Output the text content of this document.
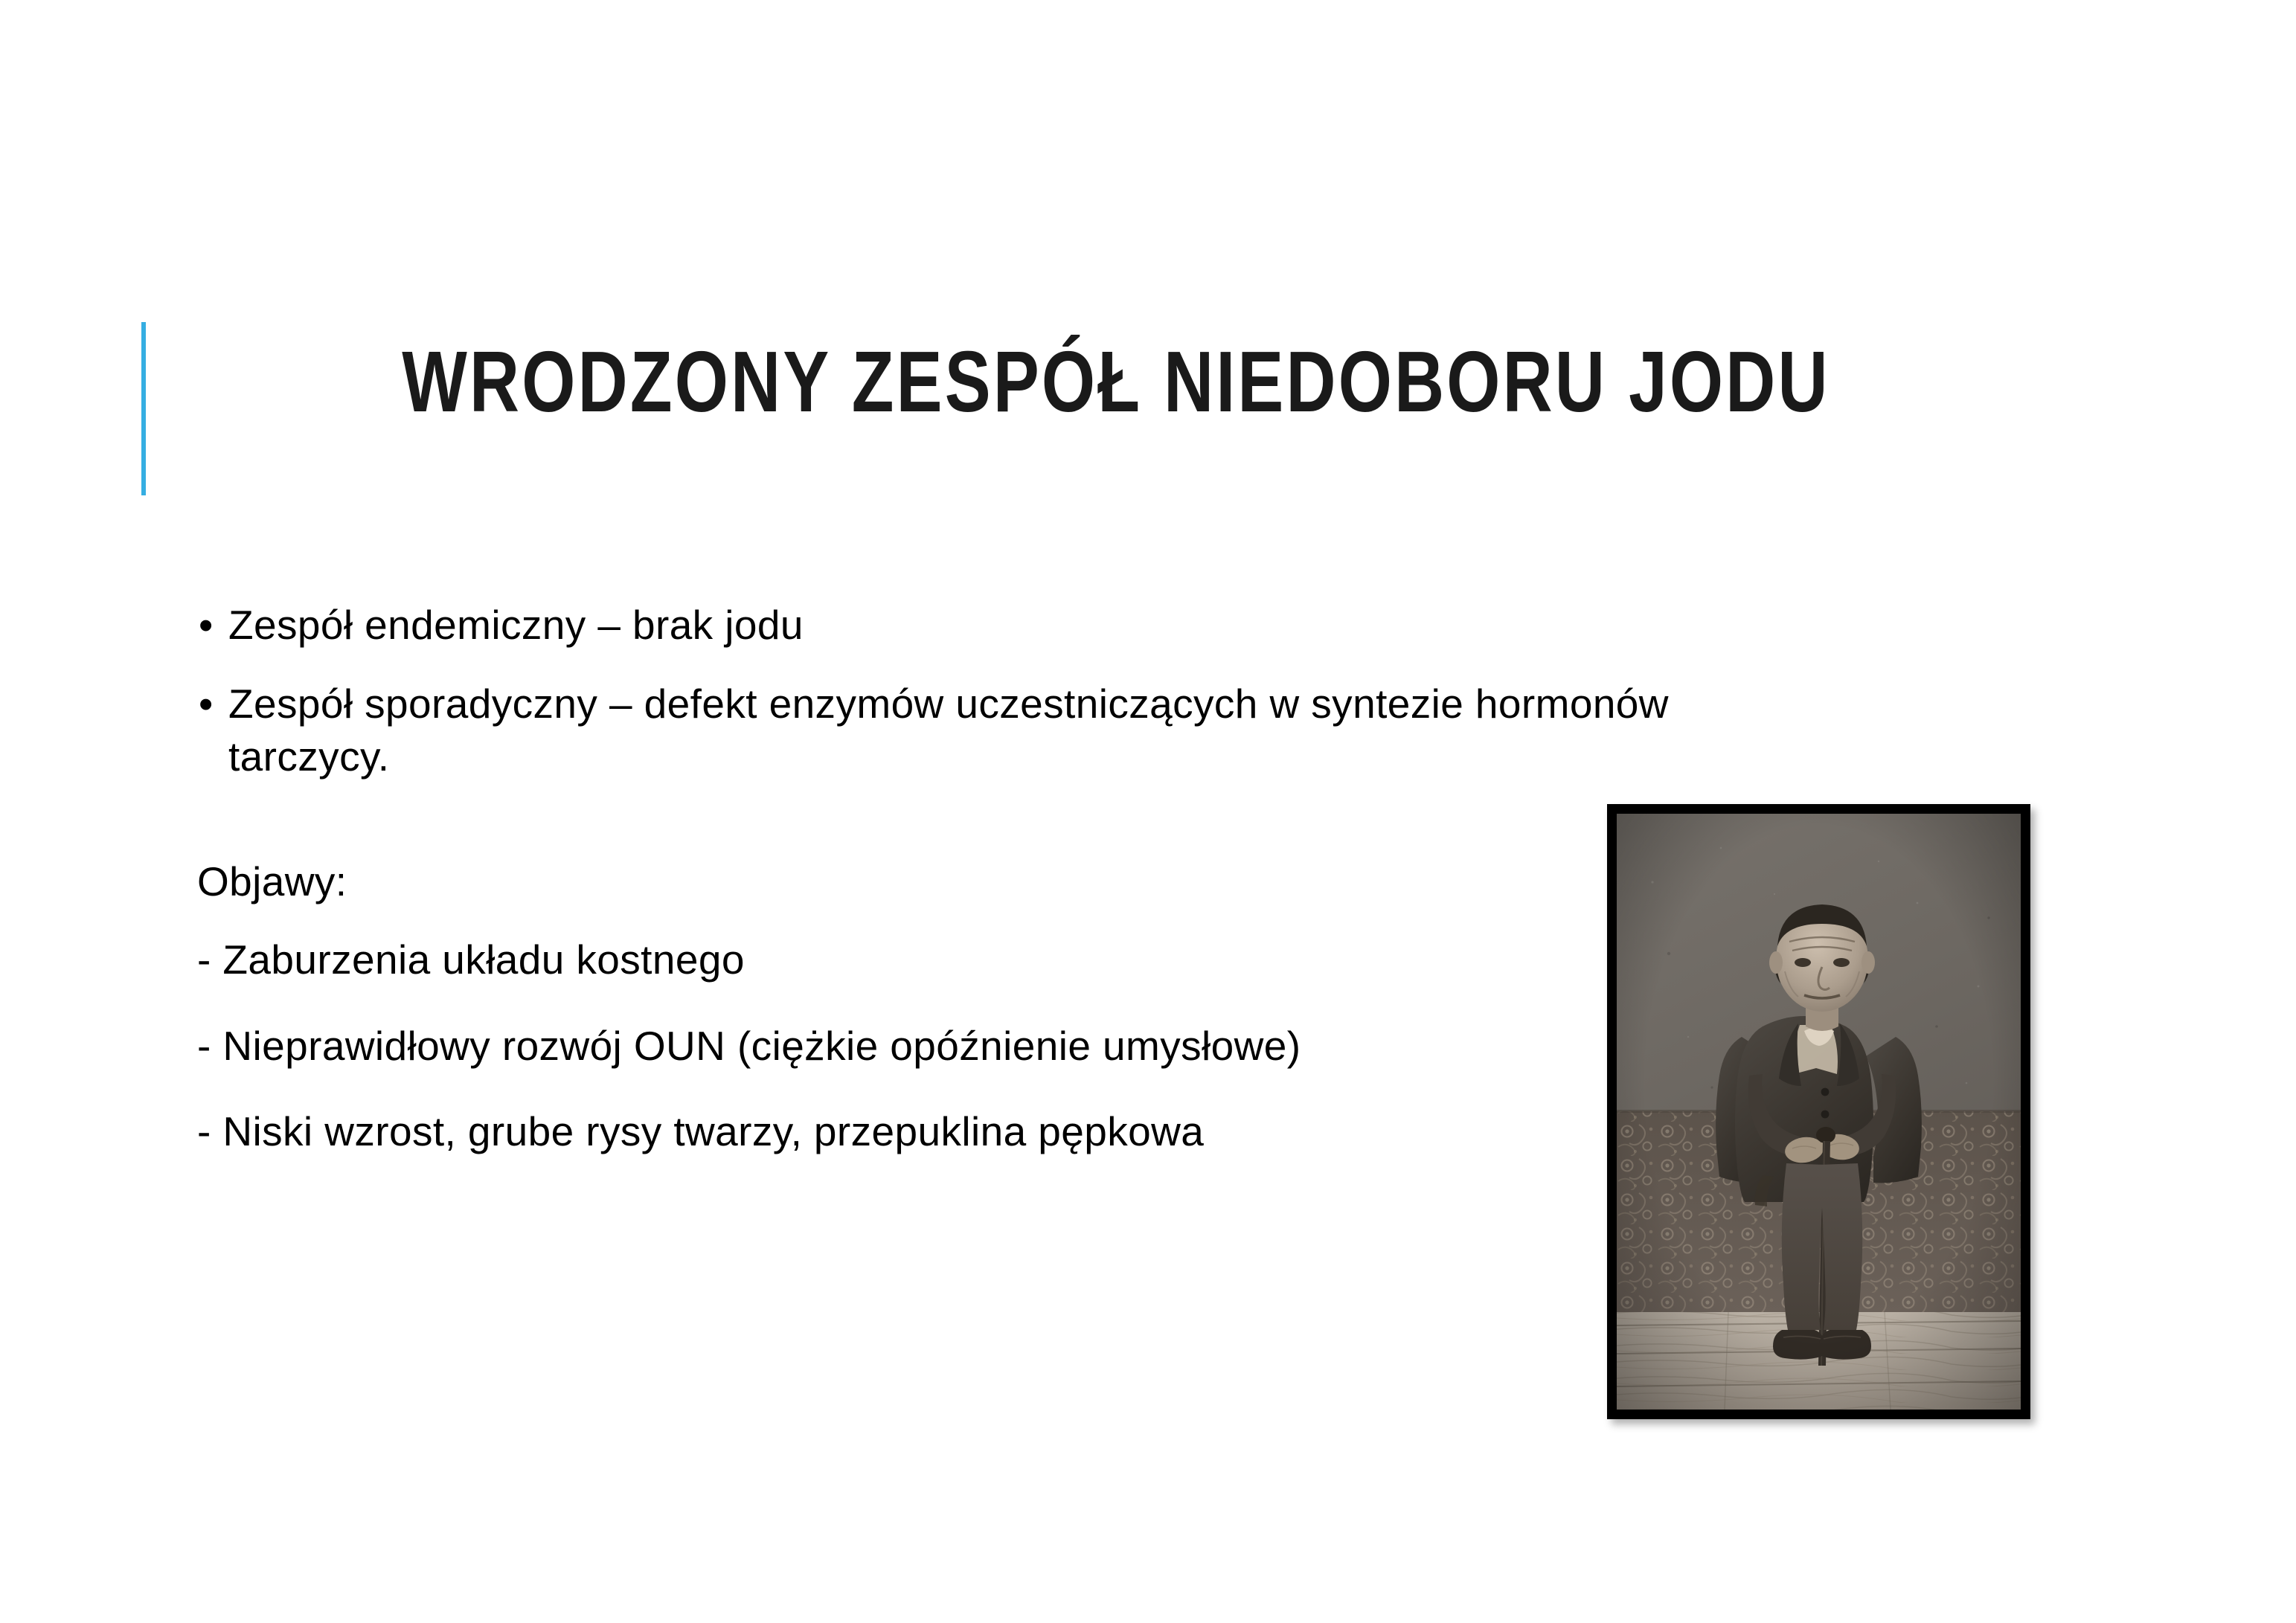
WRODZONY ZESPÓŁ NIEDOBORU JODU
• Zespół endemiczny – brak jodu
• Zespół sporadyczny – defekt enzymów uczestniczących w syntezie hormonów tarczycy.
Objawy:
- Zaburzenia układu kostnego
- Nieprawidłowy rozwój OUN (ciężkie opóźnienie umysłowe)
- Niski wzrost, grube rysy twarzy, przepuklina pępkowa
